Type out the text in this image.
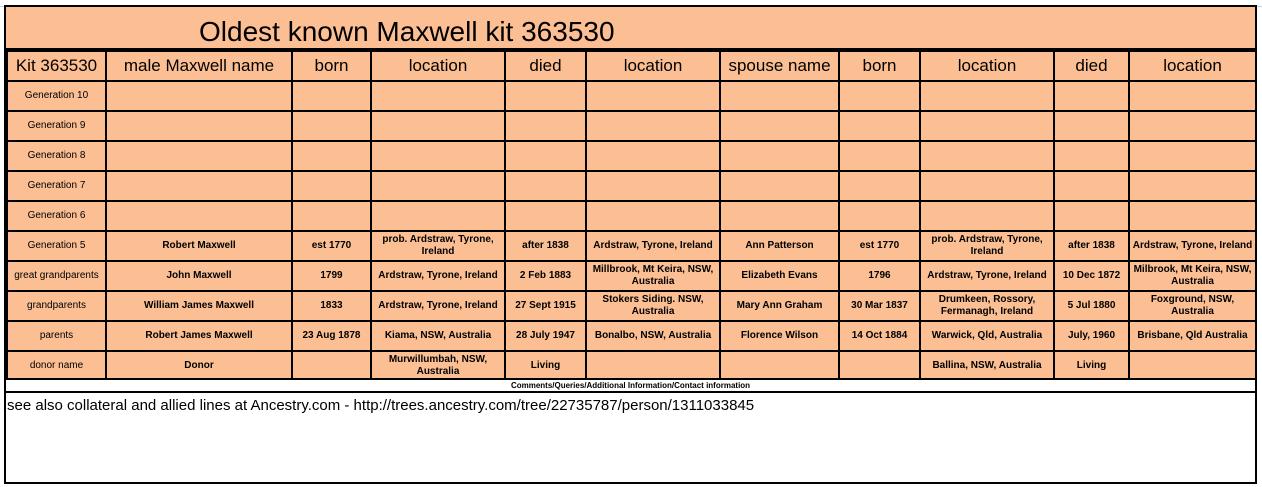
Oldest known Maxwell kit 363530
Kit 363530	male Maxwell name	born	location	died	location	spouse name	born	location	died	location
Generation 10										
Generation 9										
Generation 8										
Generation 7										
Generation 6										
Generation 5	Robert Maxwell	est 1770	prob. Ardstraw, Tyrone, Ireland	after 1838	Ardstraw, Tyrone, Ireland	Ann Patterson	est 1770	prob. Ardstraw, Tyrone, Ireland	after 1838	Ardstraw, Tyrone, Ireland
great grandparents	John Maxwell	1799	Ardstraw, Tyrone, Ireland	2 Feb 1883	Millbrook, Mt Keira, NSW, Australia	Elizabeth Evans	1796	Ardstraw, Tyrone, Ireland	10 Dec 1872	Milbrook, Mt Keira, NSW, Australia
grandparents	William James Maxwell	1833	Ardstraw, Tyrone, Ireland	27 Sept 1915	Stokers Siding. NSW, Australia	Mary Ann Graham	30 Mar 1837	Drumkeen, Rossory, Fermanagh, Ireland	5 Jul 1880	Foxground, NSW, Australia
parents	Robert James Maxwell	23 Aug 1878	Kiama, NSW, Australia	28 July 1947	Bonalbo, NSW, Australia	Florence Wilson	14 Oct 1884	Warwick, Qld, Australia	July, 1960	Brisbane, Qld Australia
donor name	Donor		Murwillumbah, NSW, Australia	Living				Ballina, NSW, Australia	Living	
Comments/Queries/Additional Information/Contact information
see also collateral and allied lines at Ancestry.com - http://trees.ancestry.com/tree/22735787/person/1311033845
